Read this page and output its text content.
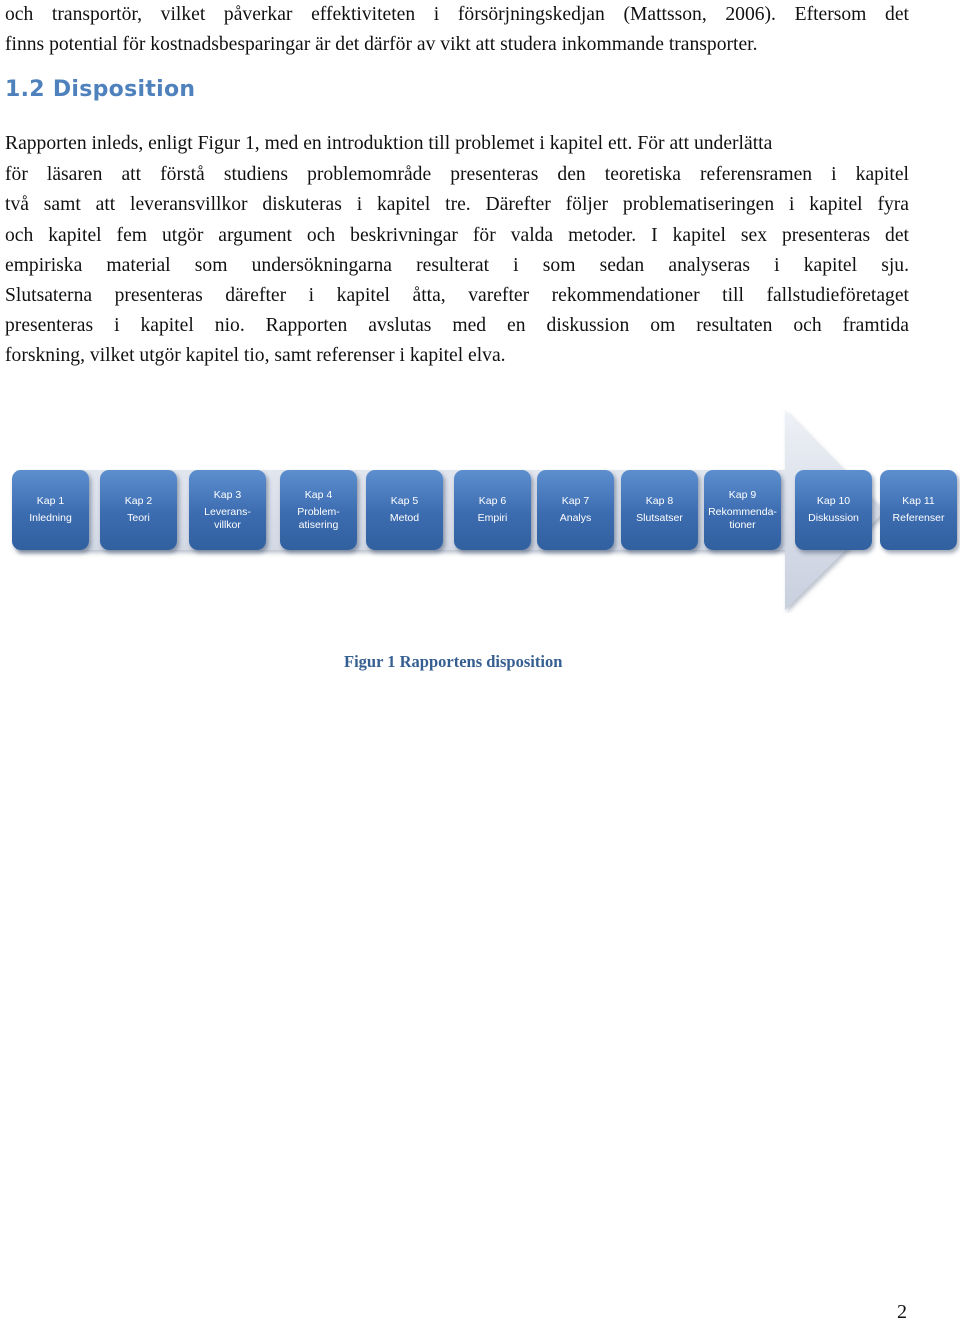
och transportör, vilket påverkar effektiviteten i försörjningskedjan (Mattsson, 2006). Eftersom det
finns potential för kostnadsbesparingar är det därför av vikt att studera inkommande transporter.
1.2 Disposition
Rapporten inleds, enligt Figur 1, med en introduktion till problemet i kapitel ett. För att underlätta
för läsaren att förstå studiens problemområde presenteras den teoretiska referensramen i kapitel
två samt att leveransvillkor diskuteras i kapitel tre. Därefter följer problematiseringen i kapitel fyra
och kapitel fem utgör argument och beskrivningar för valda metoder. I kapitel sex presenteras det
empiriska material som undersökningarna resulterat i som sedan analyseras i kapitel sju.
Slutsaterna presenteras därefter i kapitel åtta, varefter rekommendationer till fallstudieföretaget
presenteras i kapitel nio. Rapporten avslutas med en diskussion om resultaten och framtida
forskning, vilket utgör kapitel tio, samt referenser i kapitel elva.
Kap 1
Inledning
Kap 2
Teori
Kap 3
Leverans-
villkor
Kap 4
Problem-
atisering
Kap 5
Metod
Kap 6
Empiri
Kap 7
Analys
Kap 8
Slutsatser
Kap 9
Rekommenda-
tioner
Kap 10
Diskussion
Kap 11
Referenser
Figur 1 Rapportens disposition
2
